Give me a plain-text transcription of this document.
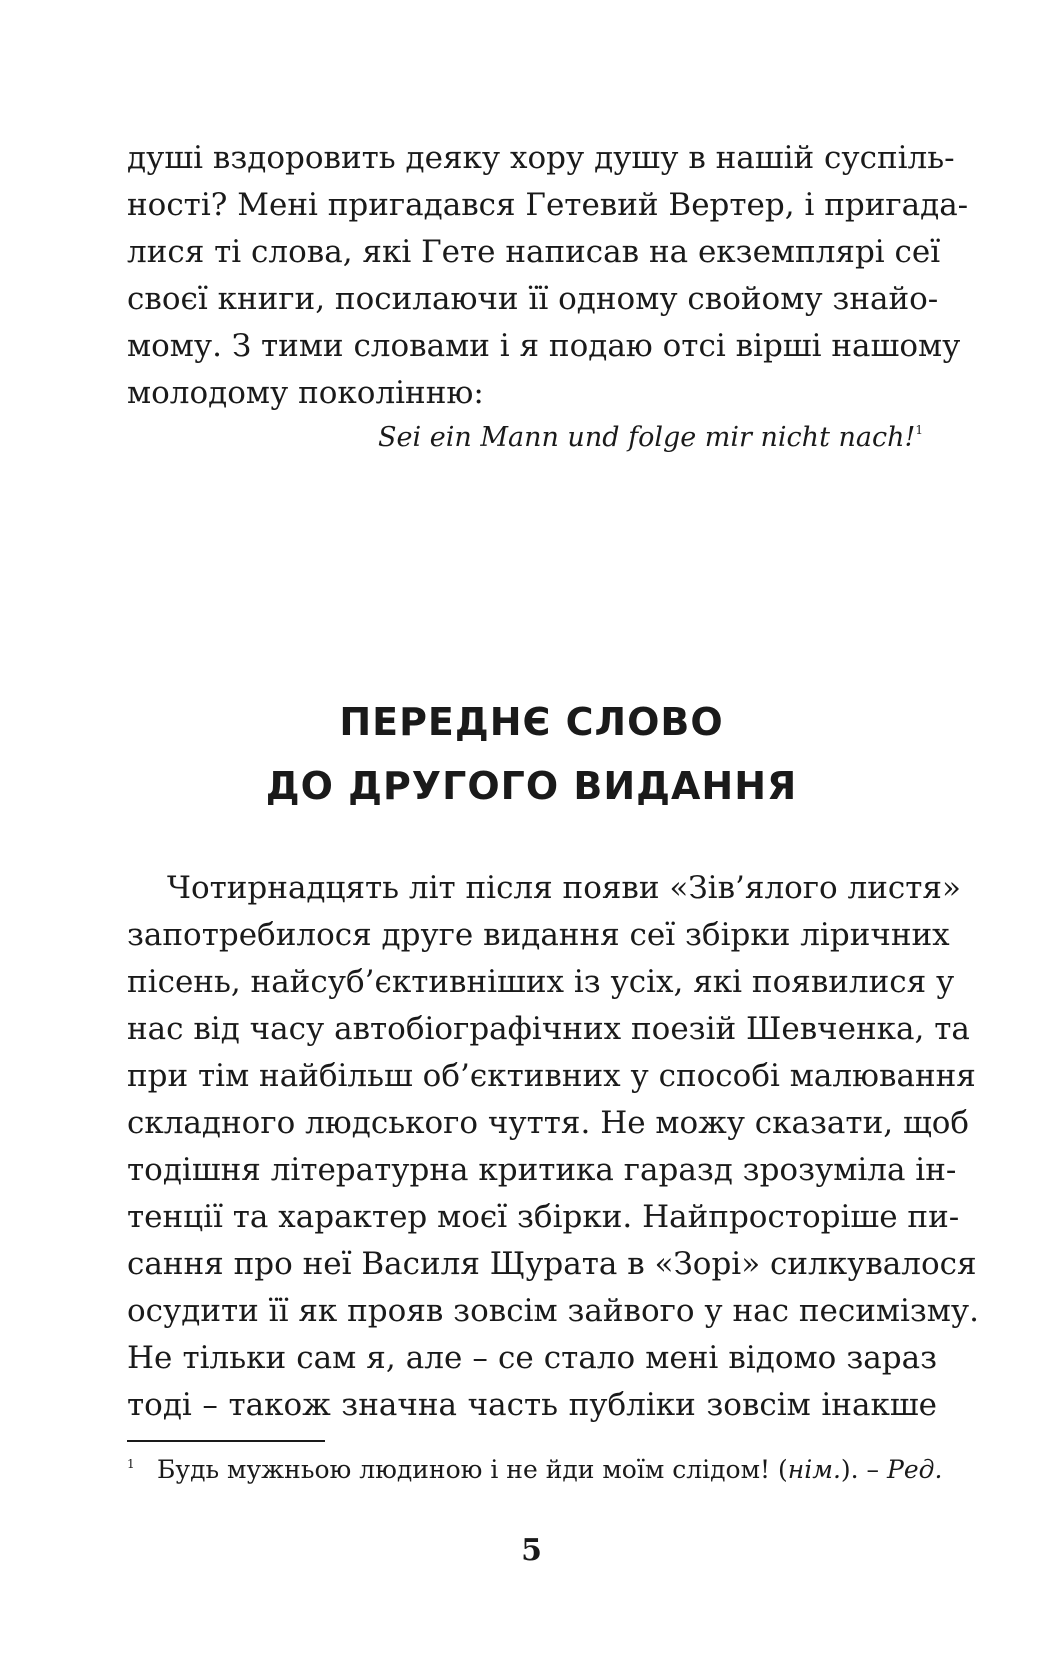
душі вздоровить деяку хору душу в нашій суспіль-
ності? Мені пригадався Гетевий Вертер, і пригада-
лися ті слова, які Гете написав на екземплярі сеї
своєї книги, посилаючи її одному свойому знайо-
мому. З тими словами і я подаю отсі вірші нашому
молодому поколінню:
Sei ein Mann und folge mir nicht nach!$^1$
ПЕРЕДНЄ СЛОВО
ДО ДРУГОГО ВИДАННЯ
Чотирнадцять літ після появи «Зів’ялого листя»
запотребилося друге видання сеї збірки ліричних
пісень, найсуб’єктивніших із усіх, які появилися у
нас від часу автобіографічних поезій Шевченка, та
при тім найбільш об’єктивних у способі малювання
складного людського чуття. Не можу сказати, щоб
тодішня літературна критика гаразд зрозуміла ін-
тенції та характер моєї збірки. Найпросторіше пи-
сання про неї Василя Щурата в «Зорі» силкувалося
осудити її як прояв зовсім зайвого у нас песимізму.
Не тільки сам я, але – се стало мені відомо зараз
тоді – також значна часть публіки зовсім інакше
1 Будь мужньою людиною і не йди моїм слідом! (нім.). – Ред.
5
